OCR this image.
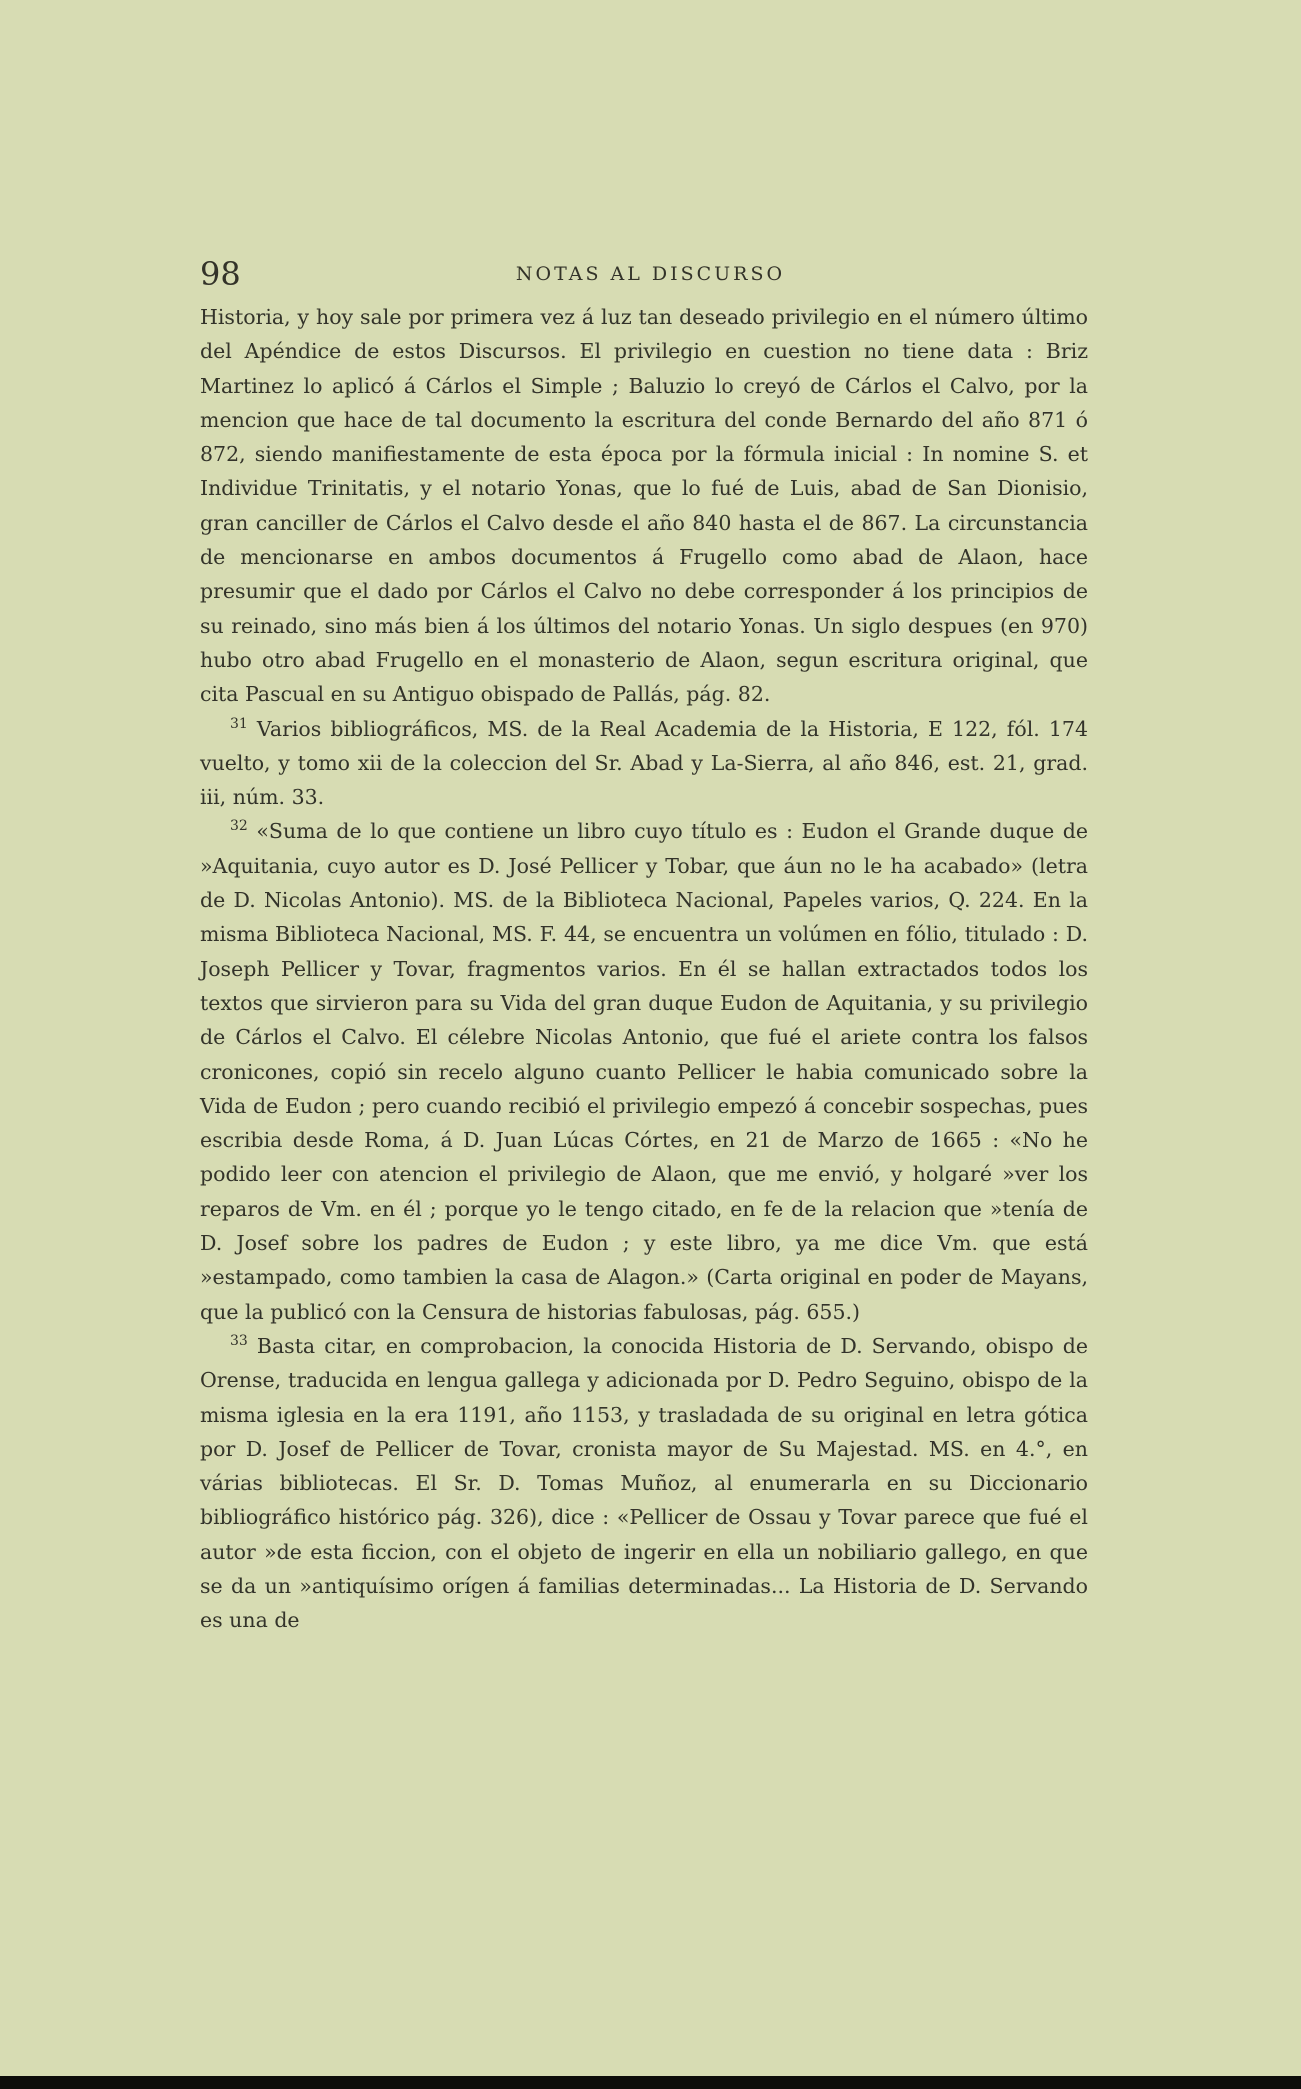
98	NOTAS AL DISCURSO

Historia, y hoy sale por primera vez á luz tan deseado privilegio en el número último del Apéndice de estos Discursos. El privilegio en cuestion no tiene data : Briz Martinez lo aplicó á Cárlos el Simple ; Baluzio lo creyó de Cárlos el Calvo, por la mencion que hace de tal documento la escritura del conde Bernardo del año 871 ó 872, siendo manifiestamente de esta época por la fórmula inicial : In nomine S. et Individue Trinitatis, y el notario Yonas, que lo fué de Luis, abad de San Dionisio, gran canciller de Cárlos el Calvo desde el año 840 hasta el de 867. La circunstancia de mencionarse en ambos documentos á Frugello como abad de Alaon, hace presumir que el dado por Cárlos el Calvo no debe corresponder á los principios de su reinado, sino más bien á los últimos del notario Yonas. Un siglo despues (en 970) hubo otro abad Frugello en el monasterio de Alaon, segun escritura original, que cita Pascual en su Antiguo obispado de Pallás, pág. 82.

$^{31}$ Varios bibliográficos, MS. de la Real Academia de la Historia, E 122, fól. 174 vuelto, y tomo xii de la coleccion del Sr. Abad y La-Sierra, al año 846, est. 21, grad. iii, núm. 33.

$^{32}$ «Suma de lo que contiene un libro cuyo título es : Eudon el Grande duque de »Aquitania, cuyo autor es D. José Pellicer y Tobar, que áun no le ha acabado» (letra de D. Nicolas Antonio). MS. de la Biblioteca Nacional, Papeles varios, Q. 224. En la misma Biblioteca Nacional, MS. F. 44, se encuentra un volúmen en fólio, titulado : D. Joseph Pellicer y Tovar, fragmentos varios. En él se hallan extractados todos los textos que sirvieron para su Vida del gran duque Eudon de Aquitania, y su privilegio de Cárlos el Calvo. El célebre Nicolas Antonio, que fué el ariete contra los falsos cronicones, copió sin recelo alguno cuanto Pellicer le habia comunicado sobre la Vida de Eudon ; pero cuando recibió el privilegio empezó á concebir sospechas, pues escribia desde Roma, á D. Juan Lúcas Córtes, en 21 de Marzo de 1665 : «No he podido leer con atencion el privilegio de Alaon, que me envió, y holgaré »ver los reparos de Vm. en él ; porque yo le tengo citado, en fe de la relacion que »tenía de D. Josef sobre los padres de Eudon ; y este libro, ya me dice Vm. que está »estampado, como tambien la casa de Alagon.» (Carta original en poder de Mayans, que la publicó con la Censura de historias fabulosas, pág. 655.)

$^{33}$ Basta citar, en comprobacion, la conocida Historia de D. Servando, obispo de Orense, traducida en lengua gallega y adicionada por D. Pedro Seguino, obispo de la misma iglesia en la era 1191, año 1153, y trasladada de su original en letra gótica por D. Josef de Pellicer de Tovar, cronista mayor de Su Majestad. MS. en 4.°, en várias bibliotecas. El Sr. D. Tomas Muñoz, al enumerarla en su Diccionario bibliográfico histórico pág. 326), dice : «Pellicer de Ossau y Tovar parece que fué el autor »de esta ficcion, con el objeto de ingerir en ella un nobiliario gallego, en que se da un »antiquísimo orígen á familias determinadas... La Historia de D. Servando es una de
